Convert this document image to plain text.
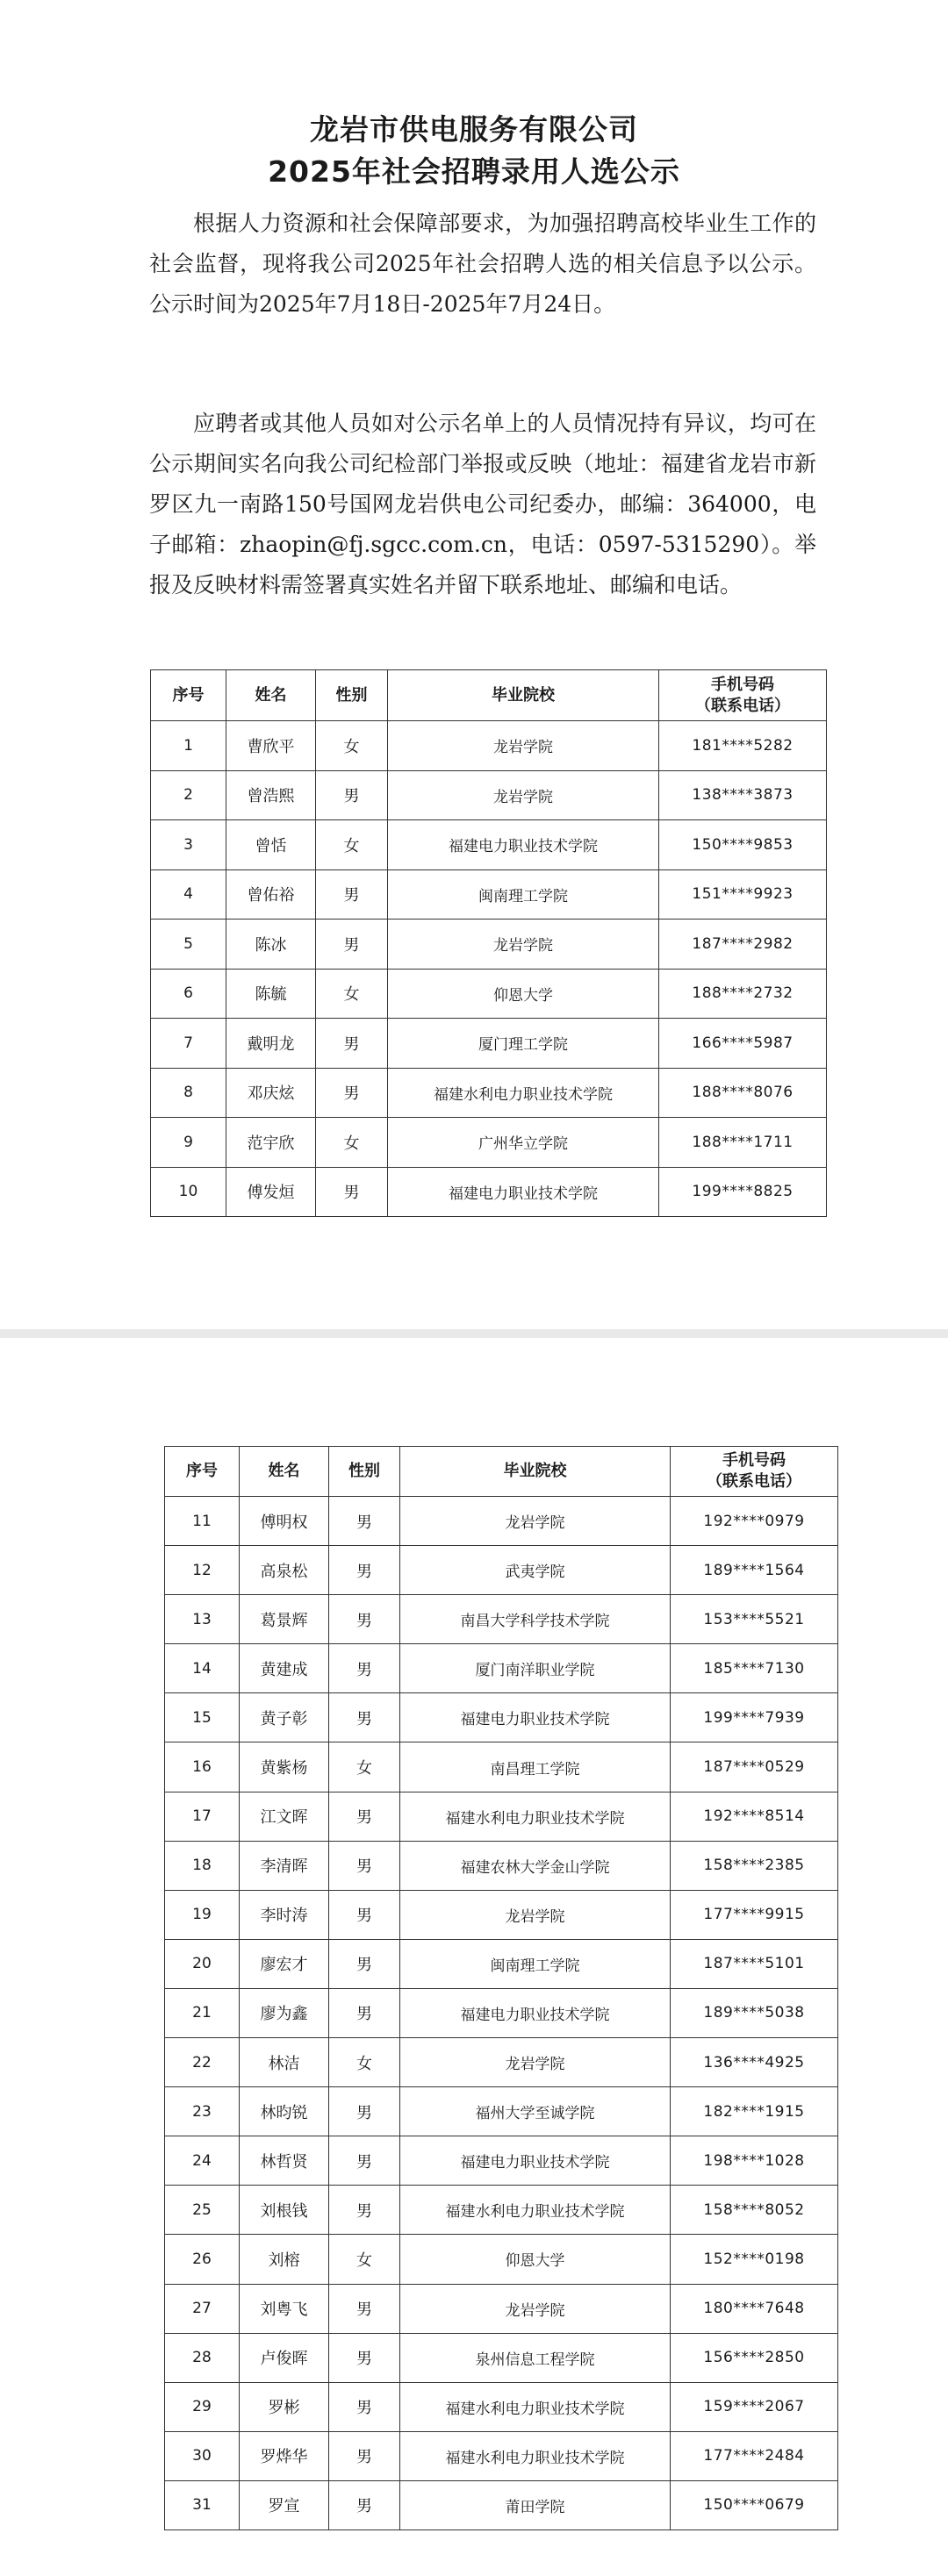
龙岩市供电服务有限公司
2025年社会招聘录用人选公示

根据人力资源和社会保障部要求，为加强招聘高校毕业生工作的社会监督，现将我公司2025年社会招聘人选的相关信息予以公示。公示时间为2025年7月18日-2025年7月24日。

应聘者或其他人员如对公示名单上的人员情况持有异议，均可在公示期间实名向我公司纪检部门举报或反映（地址：福建省龙岩市新罗区九一南路150号国网龙岩供电公司纪委办，邮编：364000，电子邮箱：zhaopin@fj.sgcc.com.cn，电话：0597-5315290）。举报及反映材料需签署真实姓名并留下联系地址、邮编和电话。

序号	姓名	性别	毕业院校	手机号码
（联系电话）

1	曹欣平	女	龙岩学院	181****5282
2	曾浩熙	男	龙岩学院	138****3873
3	曾恬	女	福建电力职业技术学院	150****9853
4	曾佑裕	男	闽南理工学院	151****9923
5	陈冰	男	龙岩学院	187****2982
6	陈毓	女	仰恩大学	188****2732
7	戴明龙	男	厦门理工学院	166****5987
8	邓庆炫	男	福建水利电力职业技术学院	188****8076
9	范宇欣	女	广州华立学院	188****1711
10	傅发烜	男	福建电力职业技术学院	199****8825
序号	姓名	性别	毕业院校	手机号码
（联系电话）

11	傅明权	男	龙岩学院	192****0979
12	高泉松	男	武夷学院	189****1564
13	葛景辉	男	南昌大学科学技术学院	153****5521
14	黄建成	男	厦门南洋职业学院	185****7130
15	黄子彰	男	福建电力职业技术学院	199****7939
16	黄紫杨	女	南昌理工学院	187****0529
17	江文晖	男	福建水利电力职业技术学院	192****8514
18	李清晖	男	福建农林大学金山学院	158****2385
19	李时涛	男	龙岩学院	177****9915
20	廖宏才	男	闽南理工学院	187****5101
21	廖为鑫	男	福建电力职业技术学院	189****5038
22	林洁	女	龙岩学院	136****4925
23	林昀锐	男	福州大学至诚学院	182****1915
24	林哲贤	男	福建电力职业技术学院	198****1028
25	刘根钱	男	福建水利电力职业技术学院	158****8052
26	刘榕	女	仰恩大学	152****0198
27	刘粤飞	男	龙岩学院	180****7648
28	卢俊晖	男	泉州信息工程学院	156****2850
29	罗彬	男	福建水利电力职业技术学院	159****2067
30	罗烨华	男	福建水利电力职业技术学院	177****2484
31	罗宣	男	莆田学院	150****0679
